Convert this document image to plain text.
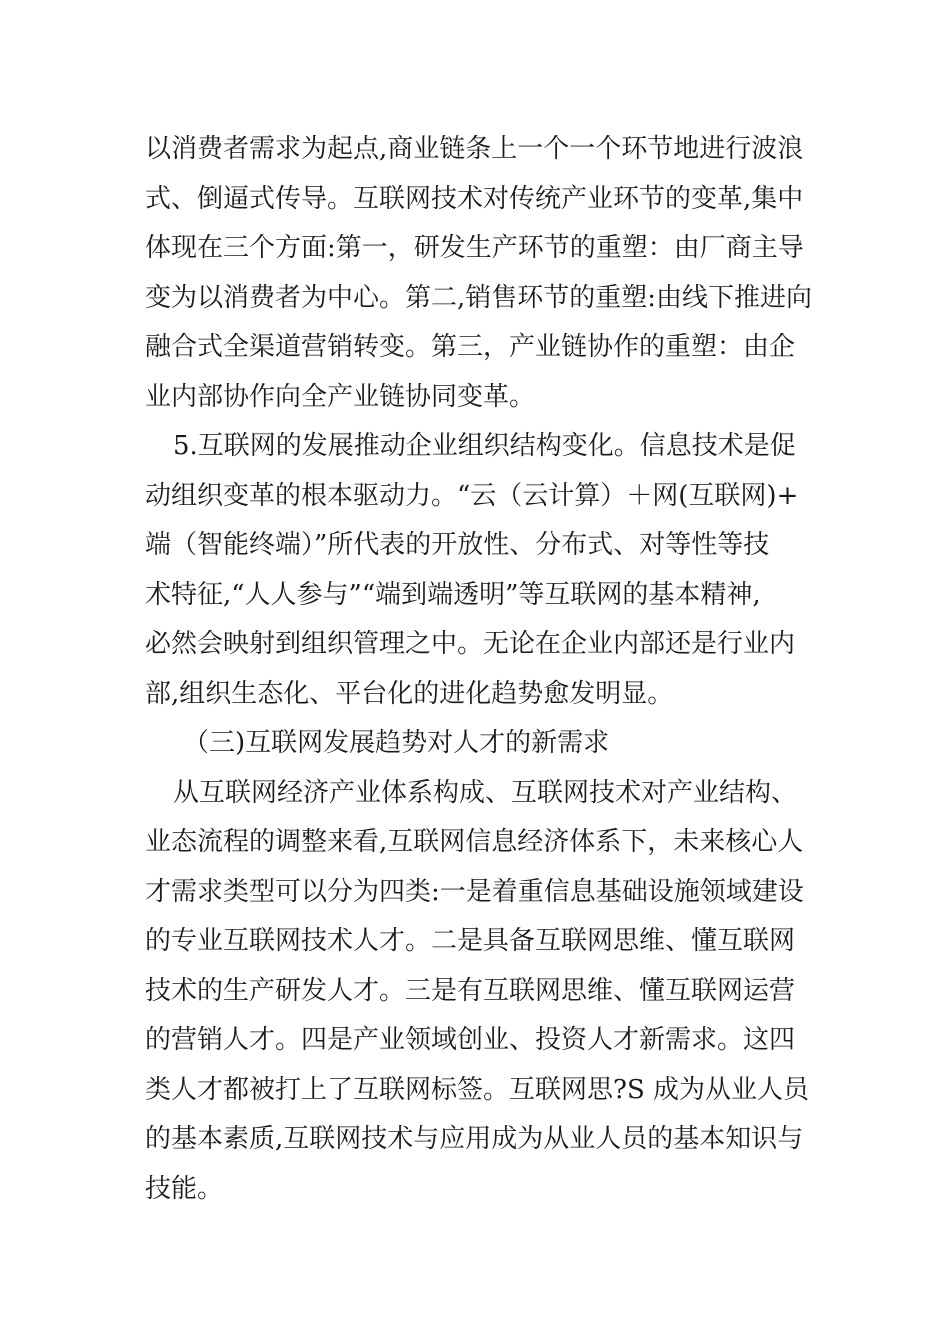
以消费者需求为起点,商业链条上一个一个环节地进行波浪
式、倒逼式传导。互联网技术对传统产业环节的变革,集中
体现在三个方面:第一，研发生产环节的重塑：由厂商主导
变为以消费者为中心。第二,销售环节的重塑:由线下推进向
融合式全渠道营销转变。第三，产业链协作的重塑：由企
业内部协作向全产业链协同变革。
5.互联网的发展推动企业组织结构变化。信息技术是促
动组织变革的根本驱动力。“云（云计算）＋网(互联网)+
端（智能终端）”所代表的开放性、分布式、对等性等技
术特征,“人人参与”“端到端透明”等互联网的基本精神,
必然会映射到组织管理之中。无论在企业内部还是行业内
部,组织生态化、平台化的进化趋势愈发明显。
（三)互联网发展趋势对人才的新需求
从互联网经济产业体系构成、互联网技术对产业结构、
业态流程的调整来看,互联网信息经济体系下，未来核心人
才需求类型可以分为四类:一是着重信息基础设施领域建设
的专业互联网技术人才。二是具备互联网思维、懂互联网
技术的生产研发人才。三是有互联网思维、懂互联网运营
的营销人才。四是产业领域创业、投资人才新需求。这四
类人才都被打上了互联网标签。互联网思?S 成为从业人员
的基本素质,互联网技术与应用成为从业人员的基本知识与
技能。
